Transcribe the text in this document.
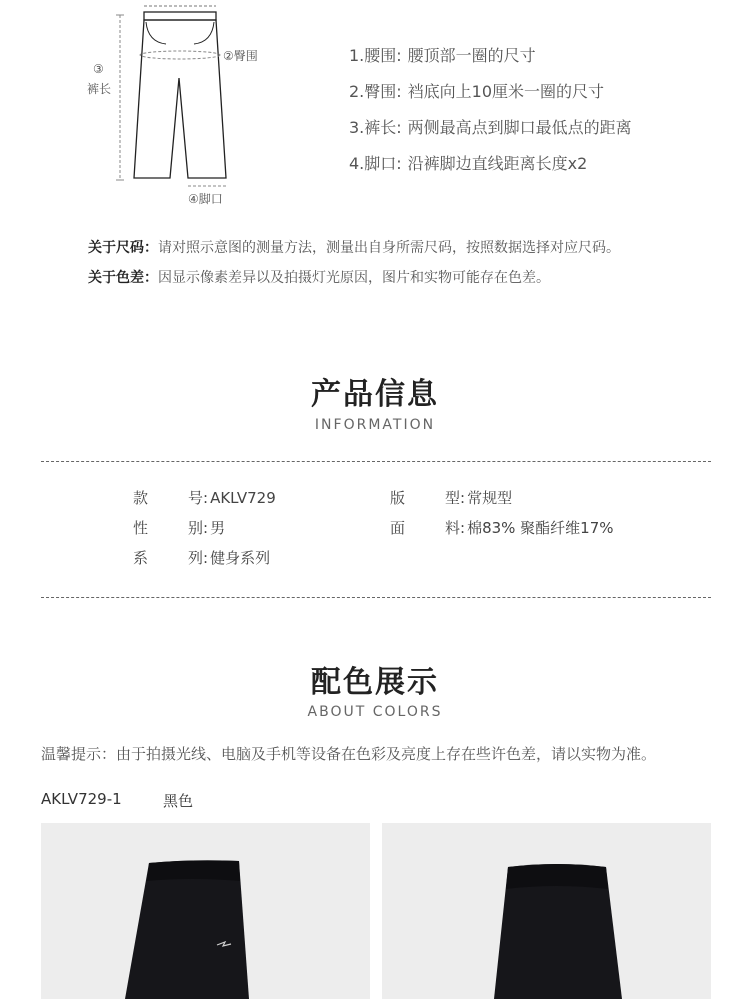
②臀围
③
裤长
④脚口
1.腰围: 腰顶部一圈的尺寸
2.臀围: 裆底向上10厘米一圈的尺寸
3.裤长: 两侧最高点到脚口最低点的距离
4.脚口: 沿裤脚边直线距离长度x2
关于尺码：请对照示意图的测量方法，测量出自身所需尺码，按照数据选择对应尺码。
关于色差：因显示像素差异以及拍摄灯光原因，图片和实物可能存在色差。
产品信息
INFORMATION
款号: AKLV729
性别: 男
系列: 健身系列
版型: 常规型
面料: 棉83% 聚酯纤维17%
配色展示
ABOUT COLORS
温馨提示：由于拍摄光线、电脑及手机等设备在色彩及亮度上存在些许色差，请以实物为准。
AKLV729-1	黑色
